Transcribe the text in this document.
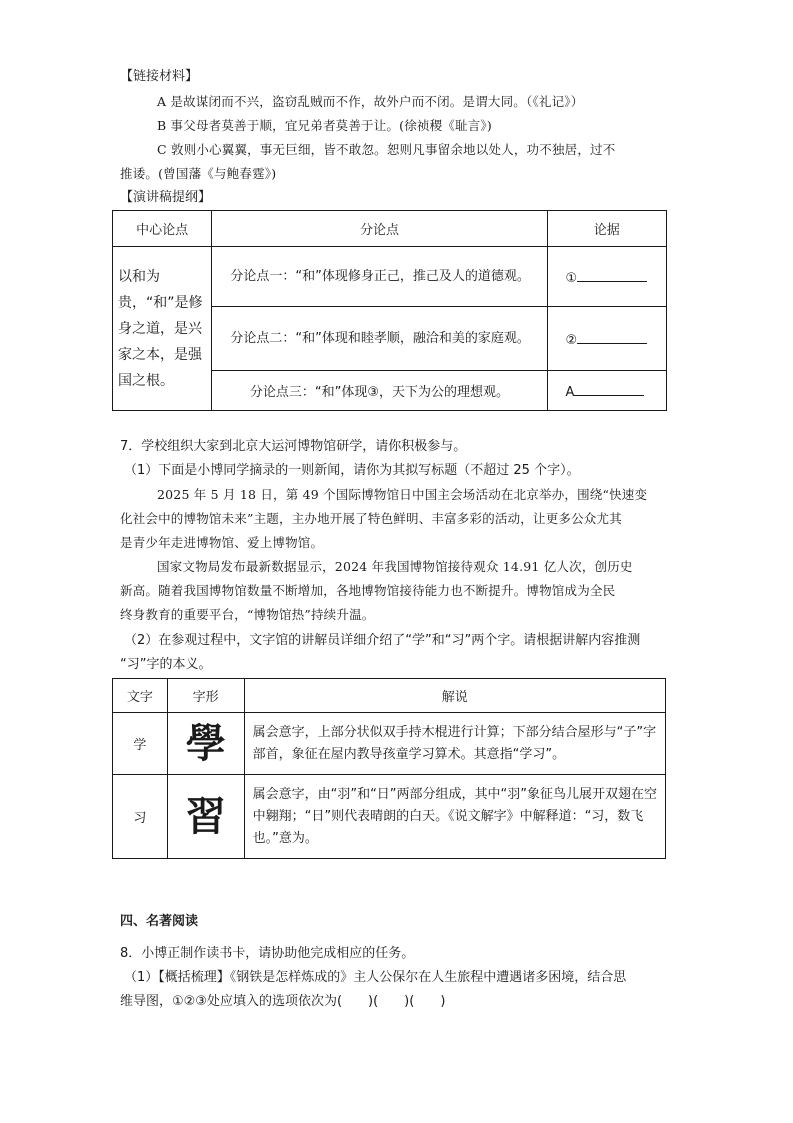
【链接材料】
A 是故谋闭而不兴，盗窃乱贼而不作，故外户而不闭。是谓大同。（《礼记》）
B 事父母者莫善于顺，宜兄弟者莫善于让。(徐祯稷《耻言》)
C 敦则小心翼翼，事无巨细，皆不敢忽。恕则凡事留余地以处人，功不独居，过不
推诿。(曾国藩《与鲍春霆》)
【演讲稿提纲】
中心论点	分论点	论据
以和为贵，“和”是修身之道，是兴家之本，是强国之根。	分论点一：“和”体现修身正己，推己及人的道德观。	①
	分论点二：“和”体现和睦孝顺，融洽和美的家庭观。	②
	分论点三：“和”体现③，天下为公的理想观。	A
7．学校组织大家到北京大运河博物馆研学，请你积极参与。
（1）下面是小博同学摘录的一则新闻，请你为其拟写标题（不超过 25 个字）。
2025 年 5 月 18 日，第 49 个国际博物馆日中国主会场活动在北京举办，围绕“快速变
化社会中的博物馆未来”主题，主办地开展了特色鲜明、丰富多彩的活动，让更多公众尤其
是青少年走进博物馆、爱上博物馆。
国家文物局发布最新数据显示，2024 年我国博物馆接待观众 14.91 亿人次，创历史
新高。随着我国博物馆数量不断增加，各地博物馆接待能力也不断提升。博物馆成为全民
终身教育的重要平台，“博物馆热”持续升温。
（2）在参观过程中，文字馆的讲解员详细介绍了“学”和“习”两个字。请根据讲解内容推测
“习”字的本义。
文字	字形	解说
学	學	属会意字，上部分状似双手持木棍进行计算；下部分结合屋形与“子”字部首，象征在屋内教导孩童学习算术。其意指“学习”。
习	習	属会意字，由“羽”和“日”两部分组成，其中“羽”象征鸟儿展开双翅在空中翱翔；“日”则代表晴朗的白天。《说文解字》中解释道：“习，数飞也。”意为。
四、名著阅读
8．小博正制作读书卡，请协助他完成相应的任务。
（1）【概括梳理】《钢铁是怎样炼成的》主人公保尔在人生旅程中遭遇诸多困境，结合思
维导图，①②③处应填入的选项依次为(　　)(　　)(　　)
